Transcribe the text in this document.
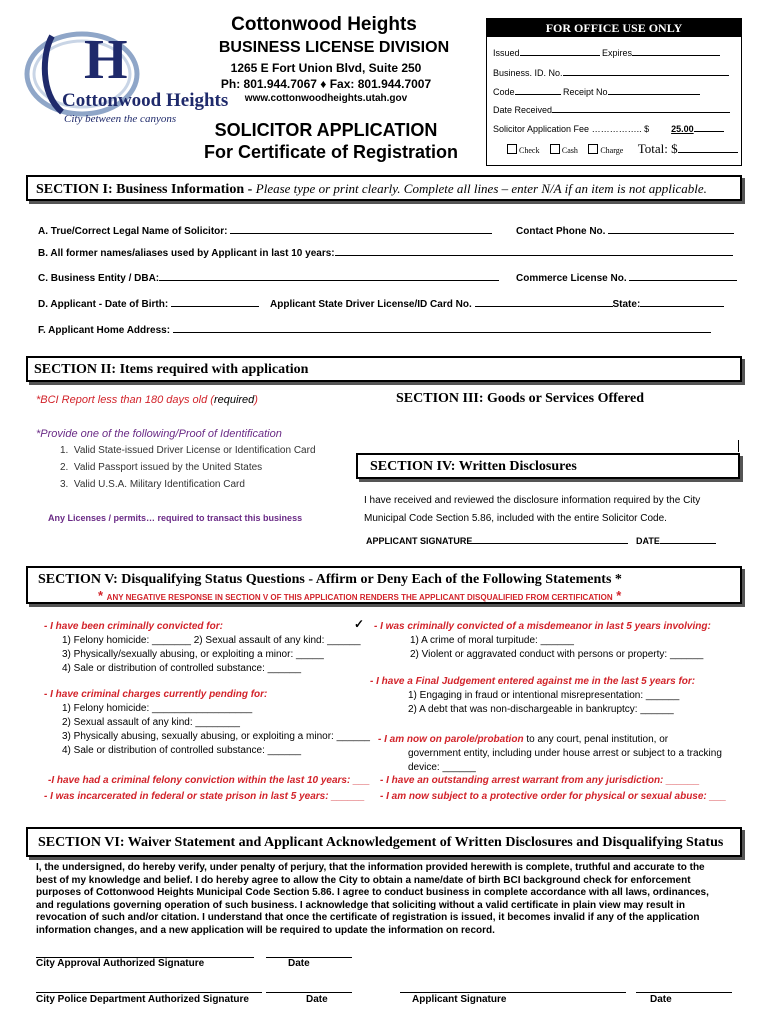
H
Cottonwood Heights
City between the canyons
Cottonwood Heights
BUSINESS LICENSE DIVISION
1265 E Fort Union Blvd, Suite 250
Ph: 801.944.7067 ♦ Fax: 801.944.7007
www.cottonwoodheights.utah.gov
SOLICITOR APPLICATION
For Certificate of Registration
FOR OFFICE USE ONLY
Issued	Expires
Business. ID. No.
Code	Receipt No
Date Received
Solicitor Application Fee …………….. $ 25.00
Check	Cash	Charge Total: $
SECTION I: Business Information - Please type or print clearly. Complete all lines – enter N/A if an item is not applicable.
A. True/Correct Legal Name of Solicitor:	Contact Phone No.
B. All former names/aliases used by Applicant in last 10 years:
C. Business Entity / DBA:	Commerce License No.
D. Applicant - Date of Birth:	Applicant State Driver License/ID Card No.	State:
F. Applicant Home Address:
SECTION II: Items required with application
*BCI Report less than 180 days old (required)	SECTION III: Goods or Services Offered
*Provide one of the following/Proof of Identification
1.  Valid State-issued Driver License or Identification Card
2.  Valid Passport issued by the United States
3.  Valid U.S.A. Military Identification Card
Any Licenses / permits… required to transact this business
SECTION IV: Written Disclosures
I have received and reviewed the disclosure information required by the City
Municipal Code Section 5.86, included with the entire Solicitor Code.
APPLICANT SIGNATURE	DATE
SECTION V: Disqualifying Status Questions - Affirm or Deny Each of the Following Statements *
* ANY NEGATIVE RESPONSE IN SECTION V OF THIS APPLICATION RENDERS THE APPLICANT DISQUALIFIED FROM CERTIFICATION *
- I have been criminally convicted for:
1) Felony homicide: _______ 2) Sexual assault of any kind: ______
3) Physically/sexually abusing, or exploiting a minor: _____
4) Sale or distribution of controlled substance: ______
✓
- I have criminal charges currently pending for:
1) Felony homicide: __________________
2) Sexual assault of any kind: ________
3) Physically abusing, sexually abusing, or exploiting a minor: ______
4) Sale or distribution of controlled substance: ______
-I have had a criminal felony conviction within the last 10 years: ___
- I was incarcerated in federal or state prison in last 5 years: ______
- I was criminally convicted of a misdemeanor in last 5 years involving:
1) A crime of moral turpitude: ______
2) Violent or aggravated conduct with persons or property: ______
- I have a Final Judgement entered against me in the last 5 years for:
1) Engaging in fraud or intentional misrepresentation: ______
2) A debt that was non-dischargeable in bankruptcy: ______
- I am now on parole/probation to any court, penal institution, or
government entity, including under house arrest or subject to a tracking
device: ______
- I have an outstanding arrest warrant from any jurisdiction: ______
- I am now subject to a protective order for physical or sexual abuse: ___
SECTION VI: Waiver Statement and Applicant Acknowledgement of Written Disclosures and Disqualifying Status
I, the undersigned, do hereby verify, under penalty of perjury, that the information provided herewith is complete, truthful and accurate to the best of my knowledge and belief. I do hereby agree to allow the City to obtain a name/date of birth BCI background check for enforcement purposes of Cottonwood Heights Municipal Code Section 5.86. I agree to conduct business in complete accordance with all laws, ordinances, and regulations governing operation of such business. I acknowledge that soliciting without a valid certificate in plain view may result in revocation of such and/or citation. I understand that once the certificate of registration is issued, it becomes invalid if any of the application information changes, and a new application will be required to update the information on record.
City Approval Authorized Signature	Date
City Police Department Authorized Signature	Date	Applicant Signature	Date
